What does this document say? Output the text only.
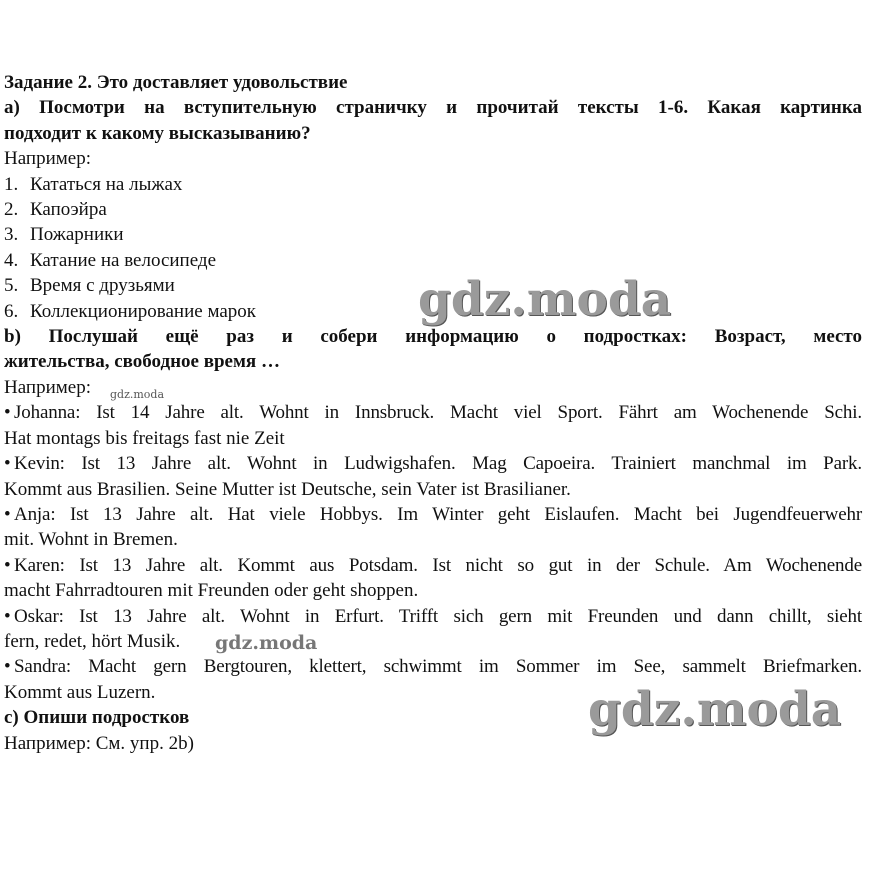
Задание 2. Это доставляет удовольствие
a) Посмотри на вступительную страничку и прочитай тексты 1-6. Какая картинка
подходит к какому высказыванию?
Например:
1. Кататься на лыжах
2. Капоэйра
3. Пожарники
4. Катание на велосипеде
5. Время с друзьями
6. Коллекционирование марок
b) Послушай ещё раз и собери информацию о подростках: Возраст, место
жительства, свободное время …
Например:
• Johanna: Ist 14 Jahre alt. Wohnt in Innsbruck. Macht viel Sport. Fährt am Wochenende Schi.
Hat montags bis freitags fast nie Zeit
• Kevin: Ist 13 Jahre alt. Wohnt in Ludwigshafen. Mag Capoeira. Trainiert manchmal im Park.
Kommt aus Brasilien. Seine Mutter ist Deutsche, sein Vater ist Brasilianer.
• Anja: Ist 13 Jahre alt. Hat viele Hobbys. Im Winter geht Eislaufen. Macht bei Jugendfeuerwehr
mit. Wohnt in Bremen.
• Karen: Ist 13 Jahre alt. Kommt aus Potsdam. Ist nicht so gut in der Schule. Am Wochenende
macht Fahrradtouren mit Freunden oder geht shoppen.
• Oskar: Ist 13 Jahre alt. Wohnt in Erfurt. Trifft sich gern mit Freunden und dann chillt, sieht
fern, redet, hört Musik.
• Sandra: Macht gern Bergtouren, klettert, schwimmt im Sommer im See, sammelt Briefmarken.
Kommt aus Luzern.
c) Опиши подростков
Например: См. упр. 2b)
gdz.moda
gdz.moda
gdz.moda
gdz.moda
